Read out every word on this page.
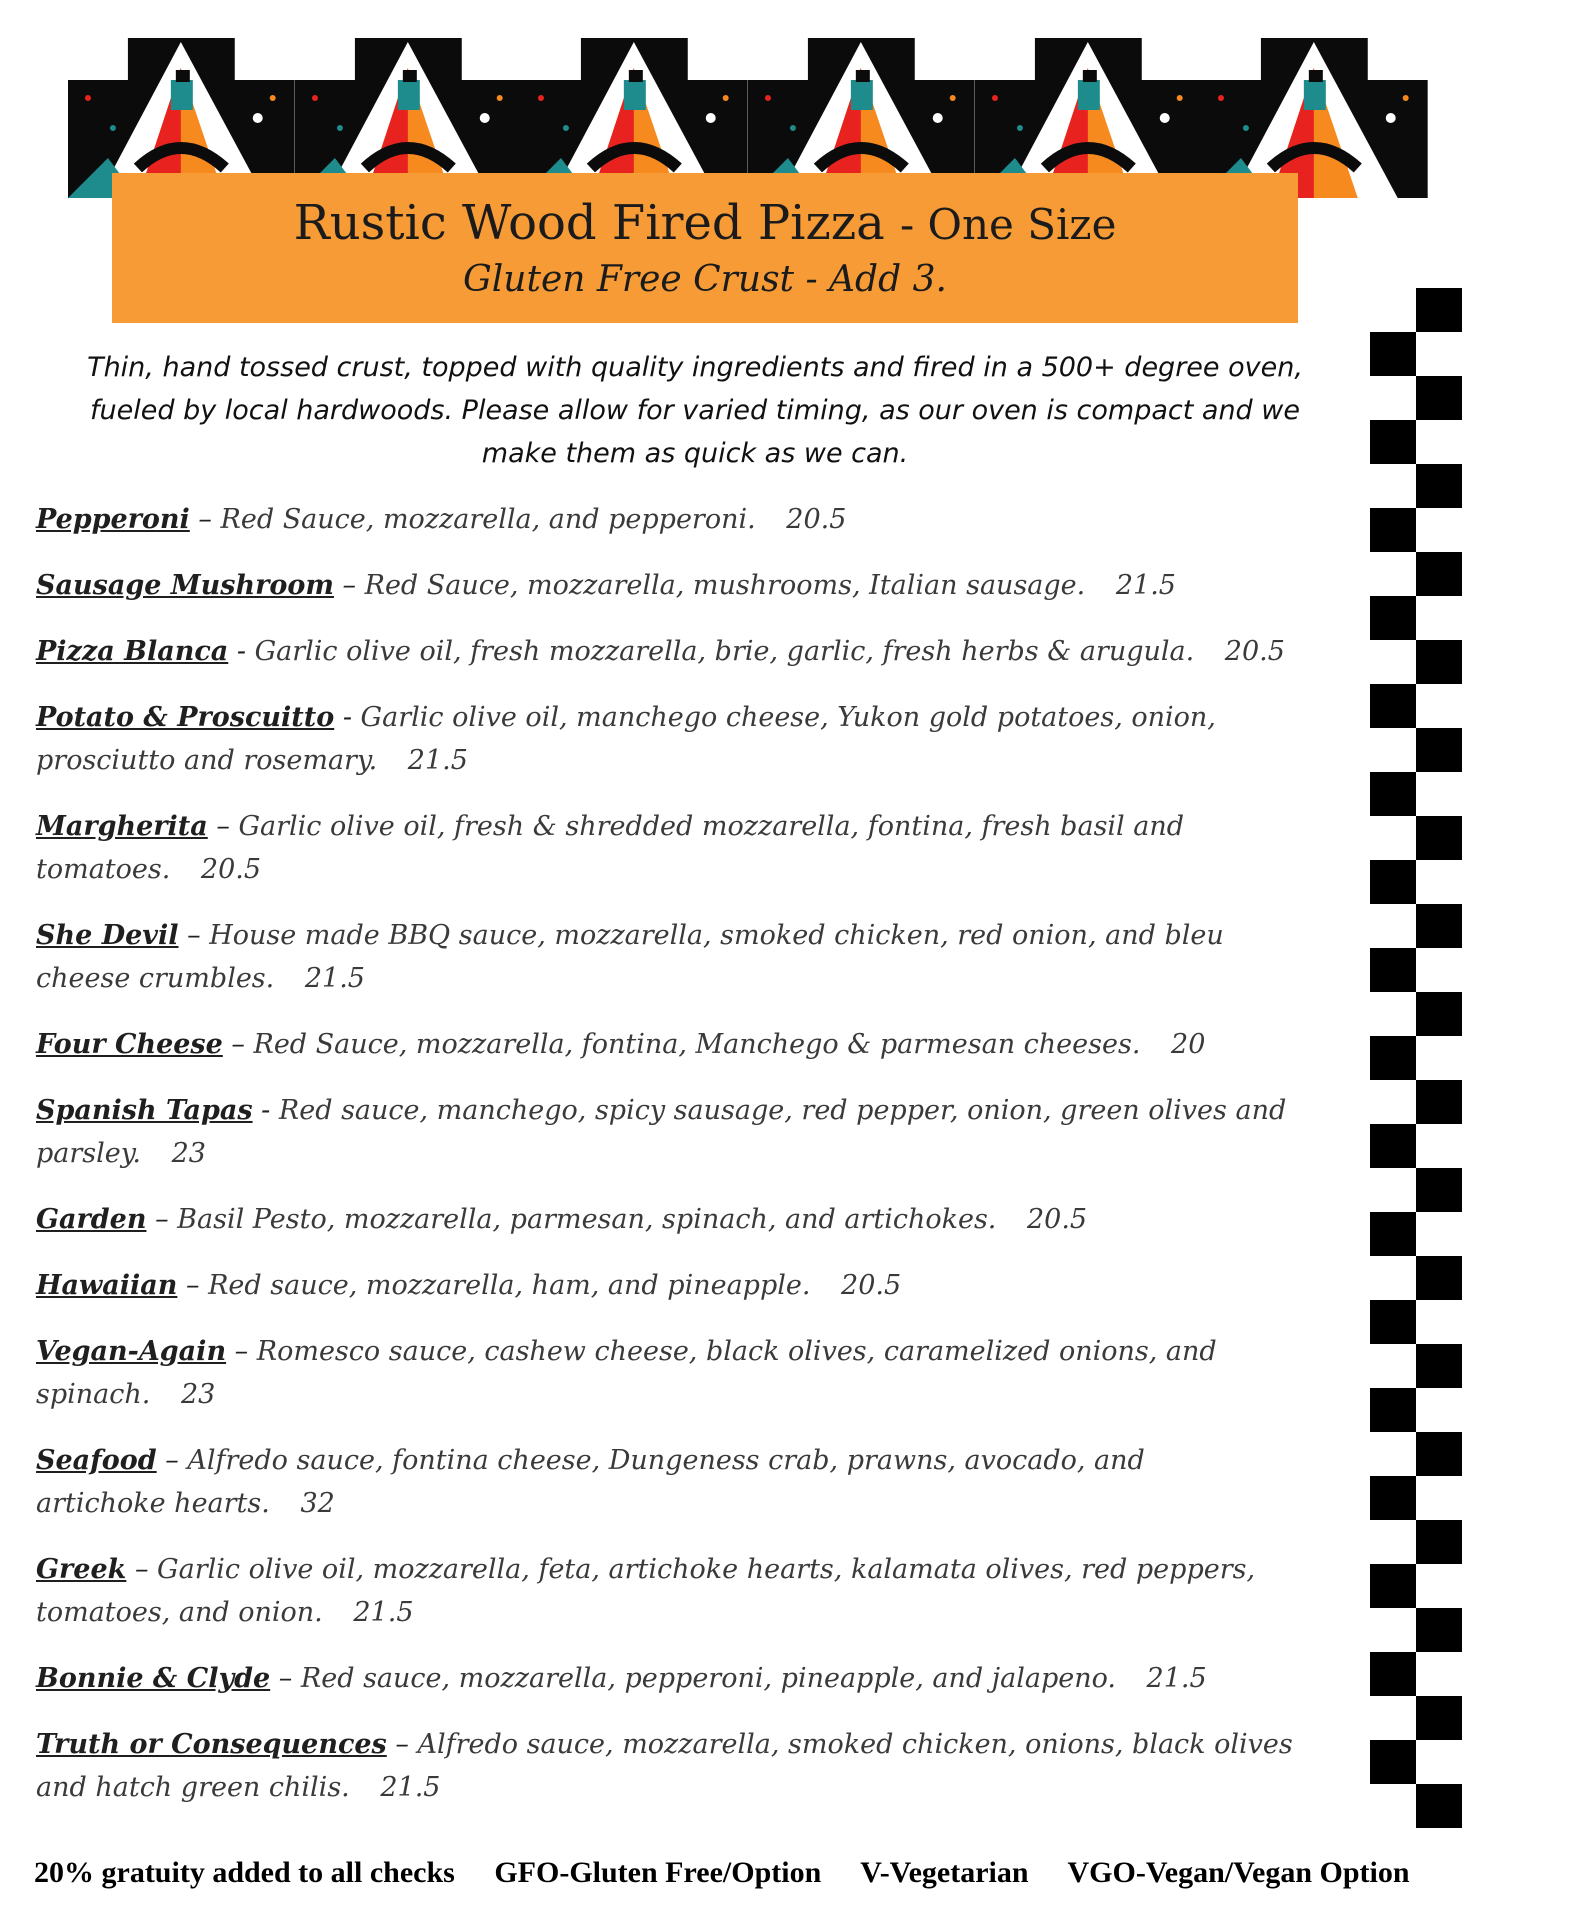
Rustic Wood Fired Pizza - One Size
Gluten Free Crust - Add 3.
Thin, hand tossed crust, topped with quality ingredients and fired in a 500+ degree oven,
fueled by local hardwoods. Please allow for varied timing, as our oven is compact and we
make them as quick as we can.
Pepperoni – Red Sauce, mozzarella, and pepperoni. 20.5
Sausage Mushroom – Red Sauce, mozzarella, mushrooms, Italian sausage. 21.5
Pizza Blanca - Garlic olive oil, fresh mozzarella, brie, garlic, fresh herbs & arugula. 20.5
Potato & Proscuitto - Garlic olive oil, manchego cheese, Yukon gold potatoes, onion,
prosciutto and rosemary. 21.5
Margherita – Garlic olive oil, fresh & shredded mozzarella, fontina, fresh basil and
tomatoes. 20.5
She Devil – House made BBQ sauce, mozzarella, smoked chicken, red onion, and bleu
cheese crumbles. 21.5
Four Cheese – Red Sauce, mozzarella, fontina, Manchego & parmesan cheeses. 20
Spanish Tapas - Red sauce, manchego, spicy sausage, red pepper, onion, green olives and
parsley. 23
Garden – Basil Pesto, mozzarella, parmesan, spinach, and artichokes. 20.5
Hawaiian – Red sauce, mozzarella, ham, and pineapple. 20.5
Vegan-Again – Romesco sauce, cashew cheese, black olives, caramelized onions, and
spinach. 23
Seafood – Alfredo sauce, fontina cheese, Dungeness crab, prawns, avocado, and
artichoke hearts. 32
Greek – Garlic olive oil, mozzarella, feta, artichoke hearts, kalamata olives, red peppers,
tomatoes, and onion. 21.5
Bonnie & Clyde – Red sauce, mozzarella, pepperoni, pineapple, and jalapeno. 21.5
Truth or Consequences – Alfredo sauce, mozzarella, smoked chicken, onions, black olives
and hatch green chilis. 21.5
20% gratuity added to all checks GFO-Gluten Free/Option V-Vegetarian VGO-Vegan/Vegan Option
